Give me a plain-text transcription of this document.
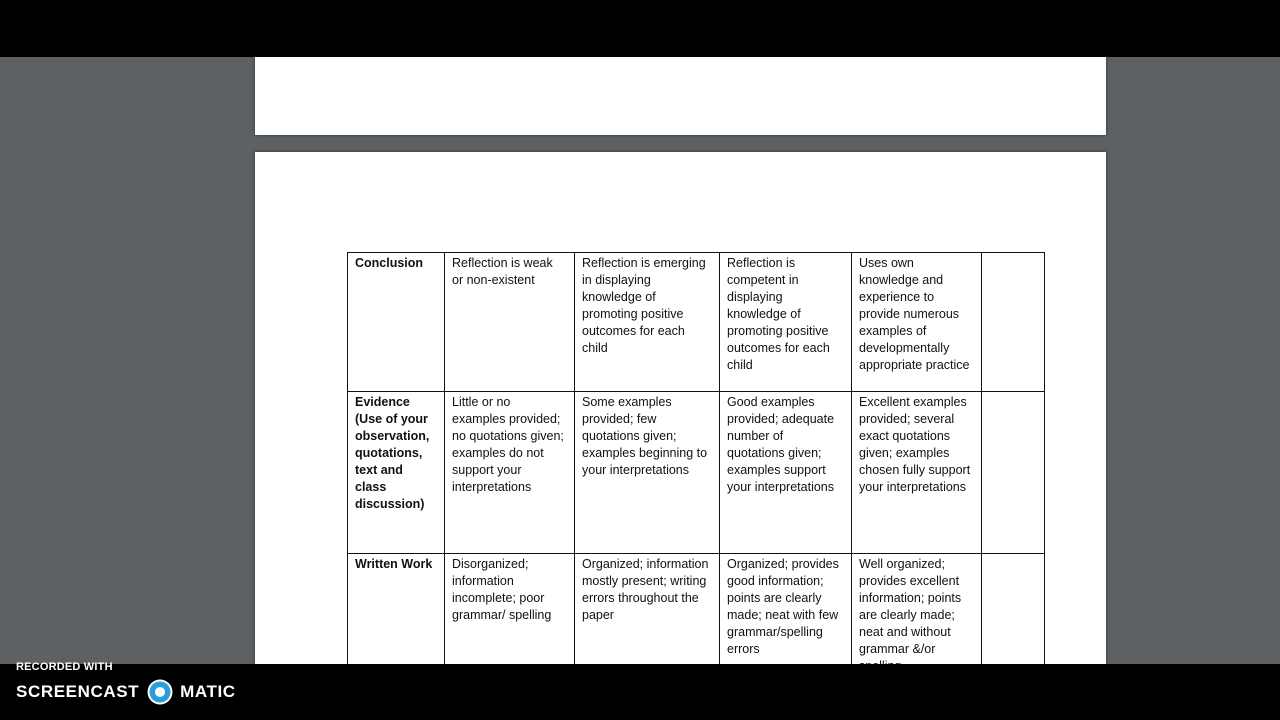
Conclusion	Reflection is weak or non-existent	Reflection is emerging in displaying knowledge of promoting positive outcomes for each child	Reflection is competent in displaying knowledge of promoting positive outcomes for each child	Uses own knowledge and experience to provide numerous examples of developmentally appropriate practice	
Evidence (Use of your observation, quotations, text and class discussion)	Little or no examples provided; no quotations given; examples do not support your interpretations	Some examples provided; few quotations given; examples beginning to your interpretations	Good examples provided; adequate number of quotations given; examples support your interpretations	Excellent examples provided; several exact quotations given; examples chosen fully support your interpretations	
Written Work	Disorganized; information incomplete; poor grammar/ spelling	Organized; information mostly present; writing errors throughout the paper	Organized; provides good information; points are clearly made; neat with few grammar/spelling errors	Well organized; provides excellent information; points are clearly made; neat and without grammar &/or	
RECORDED WITH
SCREENCAST MATIC
